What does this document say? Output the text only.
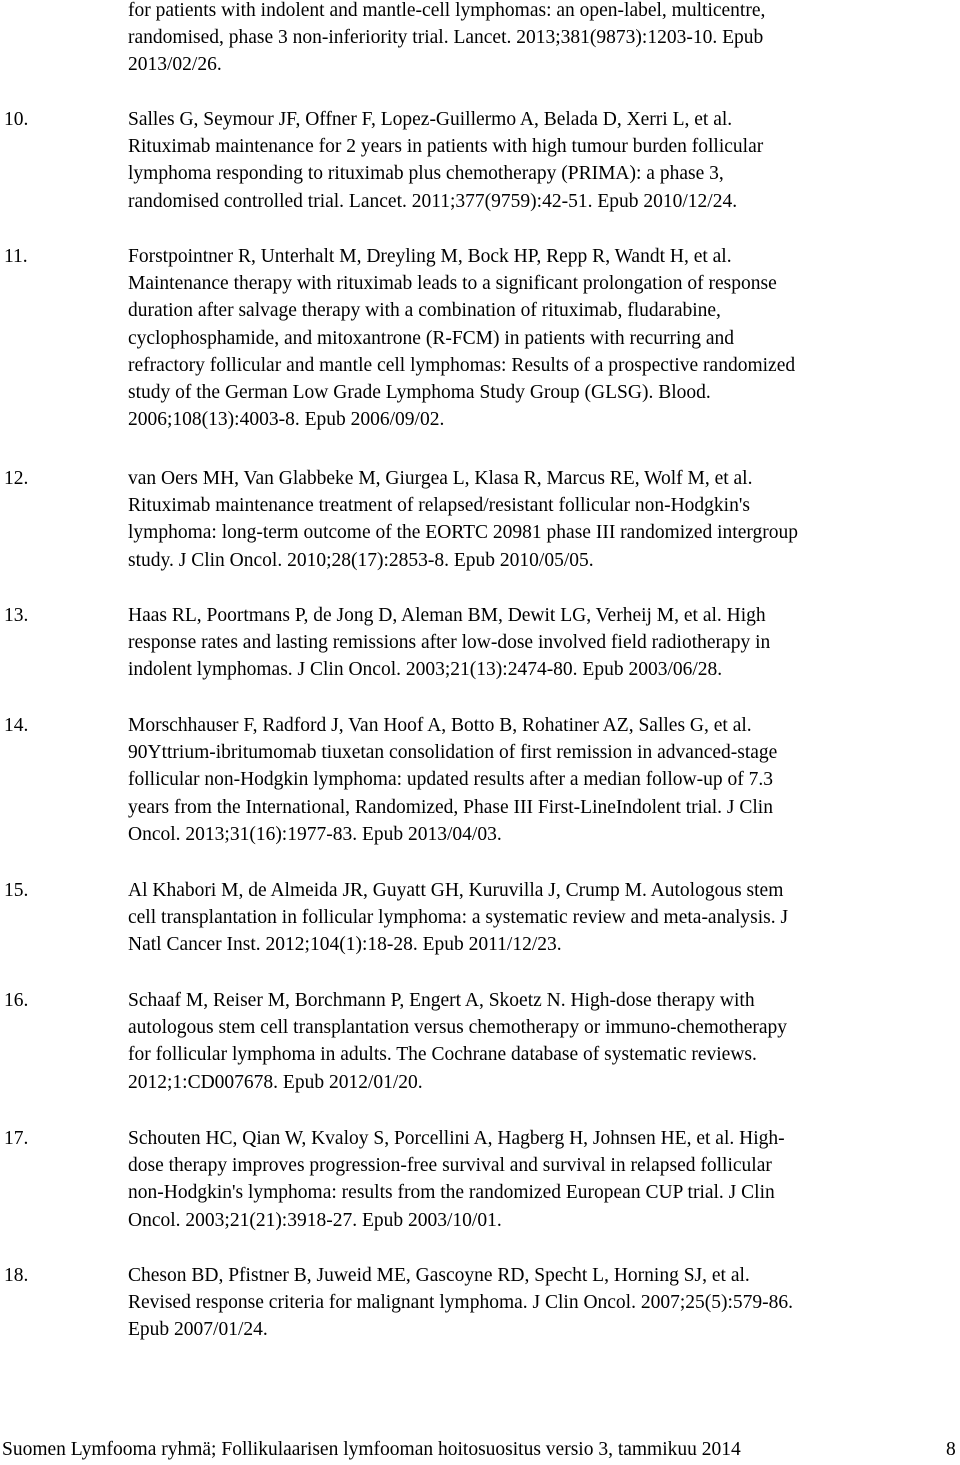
for patients with indolent and mantle-cell lymphomas: an open-label, multicentre,
randomised, phase 3 non-inferiority trial. Lancet. 2013;381(9873):1203-10. Epub
2013/02/26.

10.	Salles G, Seymour JF, Offner F, Lopez-Guillermo A, Belada D, Xerri L, et al.
Rituximab maintenance for 2 years in patients with high tumour burden follicular
lymphoma responding to rituximab plus chemotherapy (PRIMA): a phase 3,
randomised controlled trial. Lancet. 2011;377(9759):42-51. Epub 2010/12/24.

11.	Forstpointner R, Unterhalt M, Dreyling M, Bock HP, Repp R, Wandt H, et al.
Maintenance therapy with rituximab leads to a significant prolongation of response
duration after salvage therapy with a combination of rituximab, fludarabine,
cyclophosphamide, and mitoxantrone (R-FCM) in patients with recurring and
refractory follicular and mantle cell lymphomas: Results of a prospective randomized
study of the German Low Grade Lymphoma Study Group (GLSG). Blood.
2006;108(13):4003-8. Epub 2006/09/02.

12.	van Oers MH, Van Glabbeke M, Giurgea L, Klasa R, Marcus RE, Wolf M, et al.
Rituximab maintenance treatment of relapsed/resistant follicular non-Hodgkin's
lymphoma: long-term outcome of the EORTC 20981 phase III randomized intergroup
study. J Clin Oncol. 2010;28(17):2853-8. Epub 2010/05/05.

13.	Haas RL, Poortmans P, de Jong D, Aleman BM, Dewit LG, Verheij M, et al. High
response rates and lasting remissions after low-dose involved field radiotherapy in
indolent lymphomas. J Clin Oncol. 2003;21(13):2474-80. Epub 2003/06/28.

14.	Morschhauser F, Radford J, Van Hoof A, Botto B, Rohatiner AZ, Salles G, et al.
90Yttrium-ibritumomab tiuxetan consolidation of first remission in advanced-stage
follicular non-Hodgkin lymphoma: updated results after a median follow-up of 7.3
years from the International, Randomized, Phase III First-LineIndolent trial. J Clin
Oncol. 2013;31(16):1977-83. Epub 2013/04/03.

15.	Al Khabori M, de Almeida JR, Guyatt GH, Kuruvilla J, Crump M. Autologous stem
cell transplantation in follicular lymphoma: a systematic review and meta-analysis. J
Natl Cancer Inst. 2012;104(1):18-28. Epub 2011/12/23.

16.	Schaaf M, Reiser M, Borchmann P, Engert A, Skoetz N. High-dose therapy with
autologous stem cell transplantation versus chemotherapy or immuno-chemotherapy
for follicular lymphoma in adults. The Cochrane database of systematic reviews.
2012;1:CD007678. Epub 2012/01/20.

17.	Schouten HC, Qian W, Kvaloy S, Porcellini A, Hagberg H, Johnsen HE, et al. High-
dose therapy improves progression-free survival and survival in relapsed follicular
non-Hodgkin's lymphoma: results from the randomized European CUP trial. J Clin
Oncol. 2003;21(21):3918-27. Epub 2003/10/01.

18.	Cheson BD, Pfistner B, Juweid ME, Gascoyne RD, Specht L, Horning SJ, et al.
Revised response criteria for malignant lymphoma. J Clin Oncol. 2007;25(5):579-86.
Epub 2007/01/24.
Suomen Lymfooma ryhmä; Follikulaarisen lymfooman hoitosuositus versio 3, tammikuu 2014	8
